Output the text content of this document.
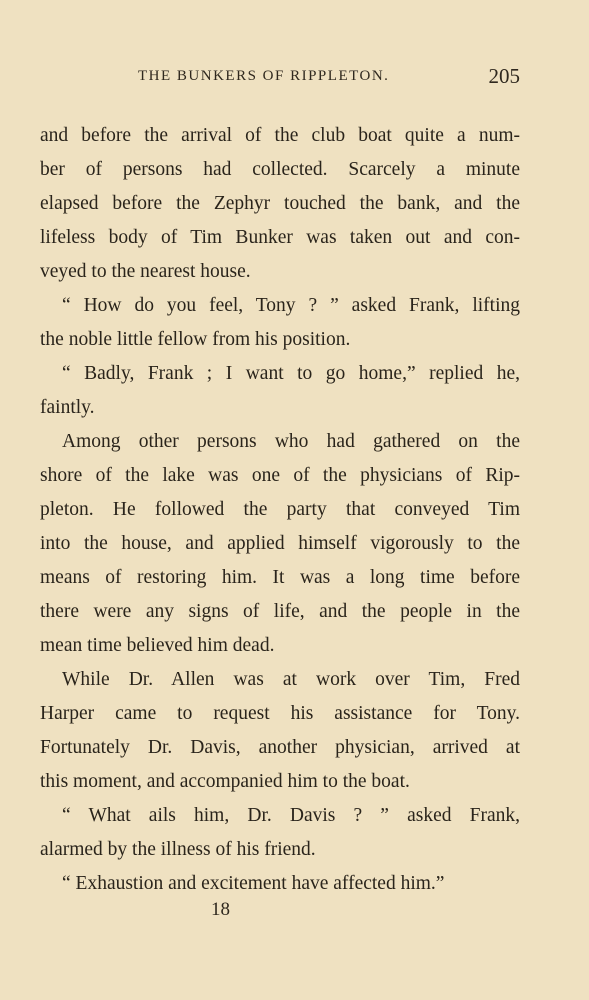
THE BUNKERS OF RIPPLETON.	205
and before the arrival of the club boat quite a num-
ber of persons had collected. Scarcely a minute
elapsed before the Zephyr touched the bank, and the
lifeless body of Tim Bunker was taken out and con-
veyed to the nearest house.
“ How do you feel, Tony ? ” asked Frank, lifting
the noble little fellow from his position.
“ Badly, Frank ; I want to go home,” replied he,
faintly.
Among other persons who had gathered on the
shore of the lake was one of the physicians of Rip-
pleton. He followed the party that conveyed Tim
into the house, and applied himself vigorously to the
means of restoring him. It was a long time before
there were any signs of life, and the people in the
mean time believed him dead.
While Dr. Allen was at work over Tim, Fred
Harper came to request his assistance for Tony.
Fortunately Dr. Davis, another physician, arrived at
this moment, and accompanied him to the boat.
“ What ails him, Dr. Davis ? ” asked Frank,
alarmed by the illness of his friend.
“ Exhaustion and excitement have affected him.”
18
